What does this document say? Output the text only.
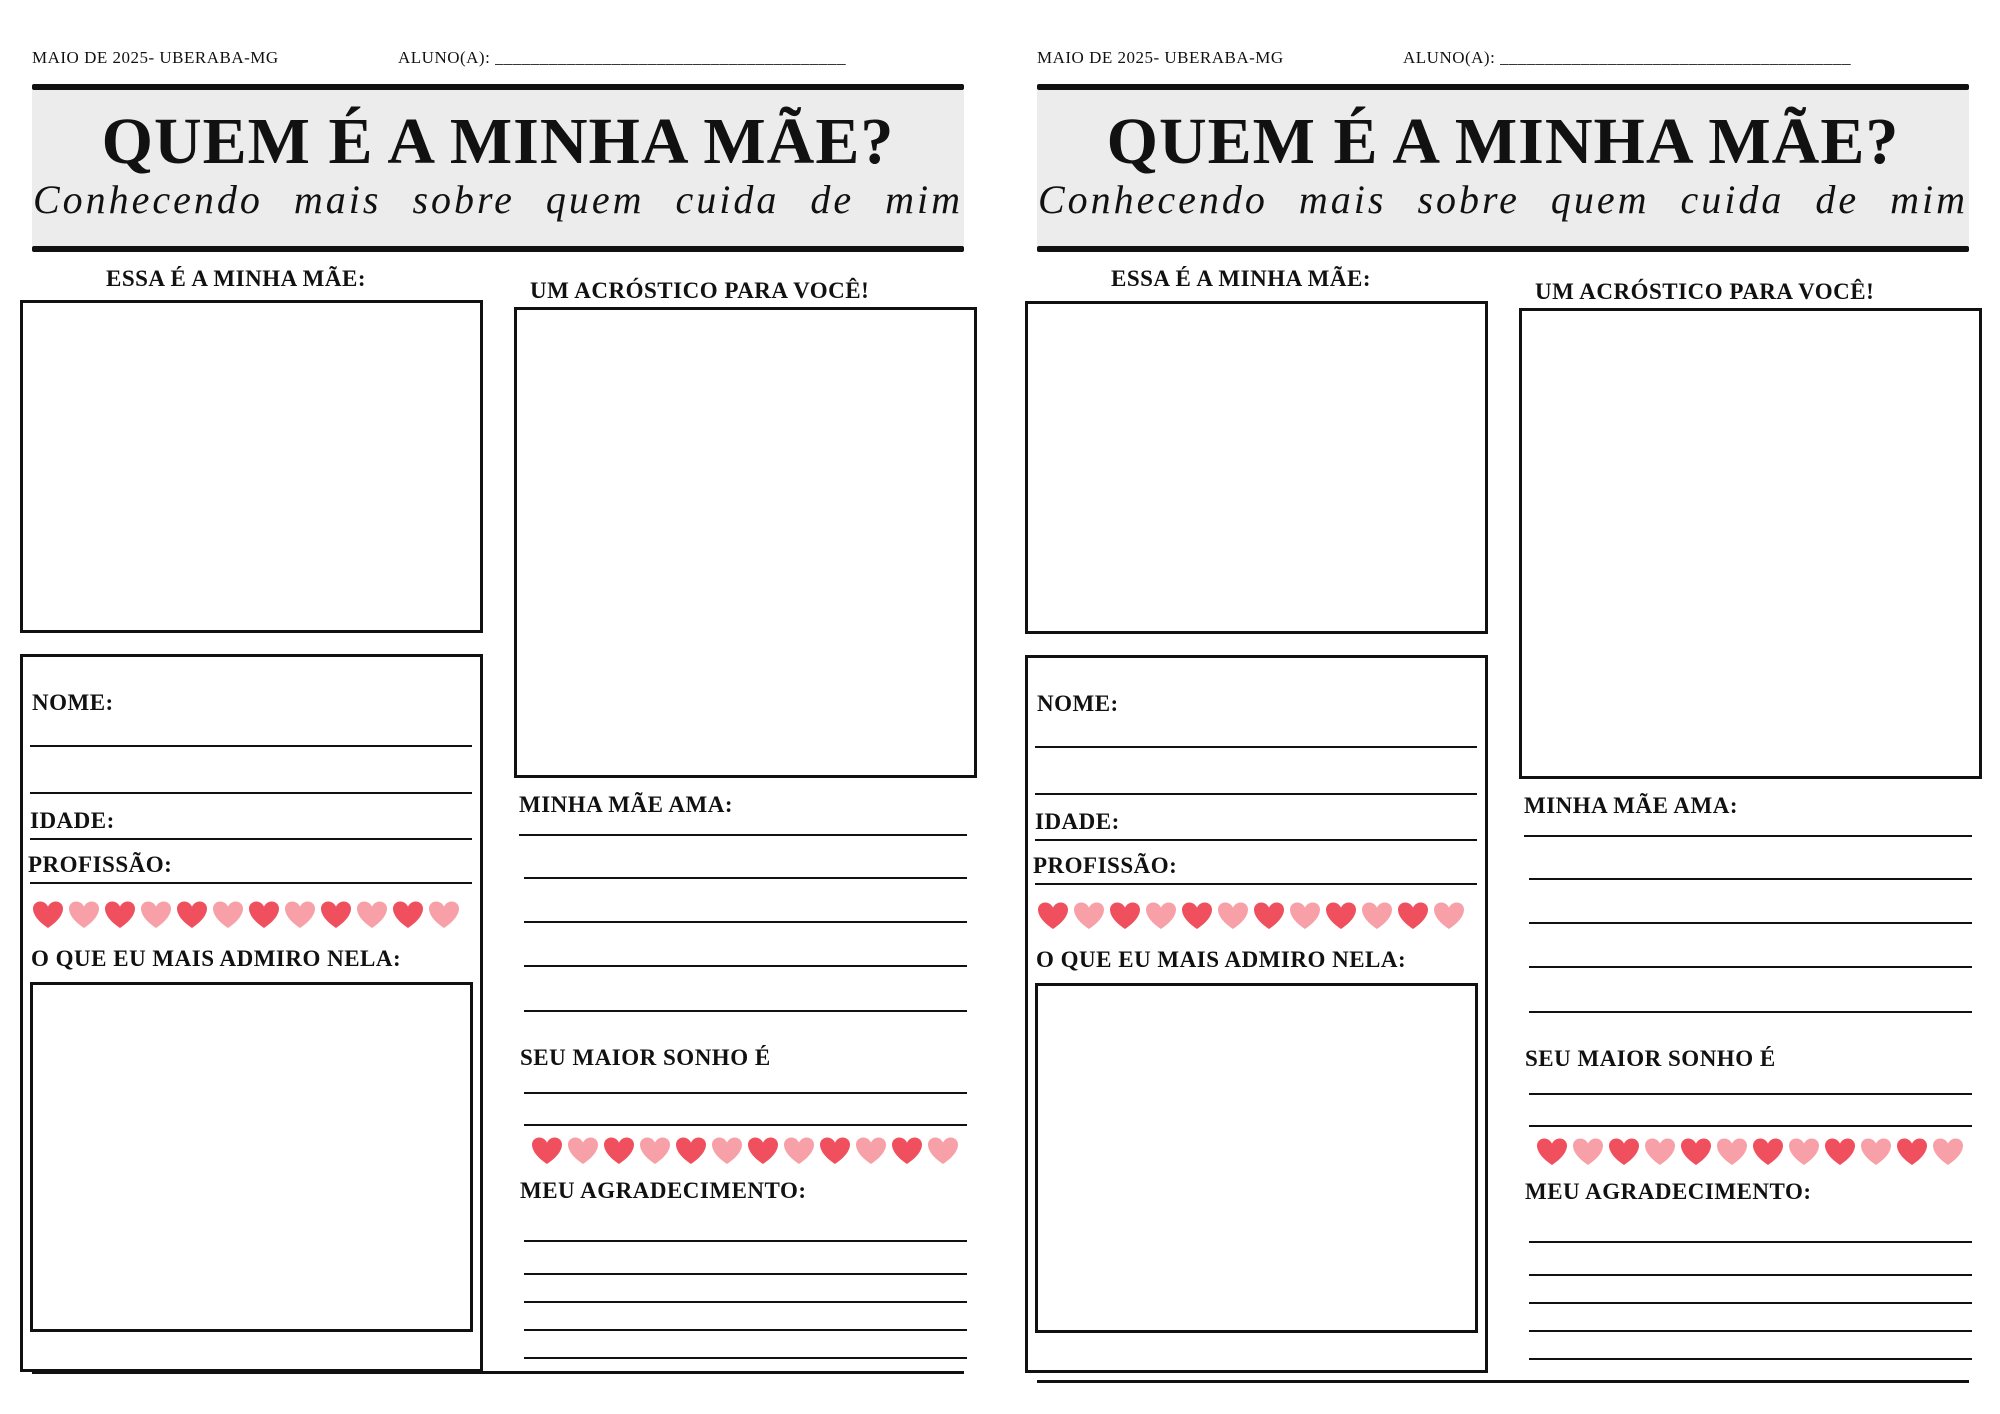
MAIO DE 2025- UBERABA-MG	ALUNO(A): _______________________________________
QUEM É A MINHA MÃE?
Conhecendo mais sobre quem cuida de mim
ESSA É A MINHA MÃE:
NOME:
IDADE:
PROFISSÃO:
O QUE EU MAIS ADMIRO NELA:
UM ACRÓSTICO PARA VOCÊ!
MINHA MÃE AMA:
SEU MAIOR SONHO É
MEU AGRADECIMENTO:
MAIO DE 2025- UBERABA-MG	ALUNO(A): _______________________________________
QUEM É A MINHA MÃE?
Conhecendo mais sobre quem cuida de mim
ESSA É A MINHA MÃE:
NOME:
IDADE:
PROFISSÃO:
O QUE EU MAIS ADMIRO NELA:
UM ACRÓSTICO PARA VOCÊ!
MINHA MÃE AMA:
SEU MAIOR SONHO É
MEU AGRADECIMENTO:
